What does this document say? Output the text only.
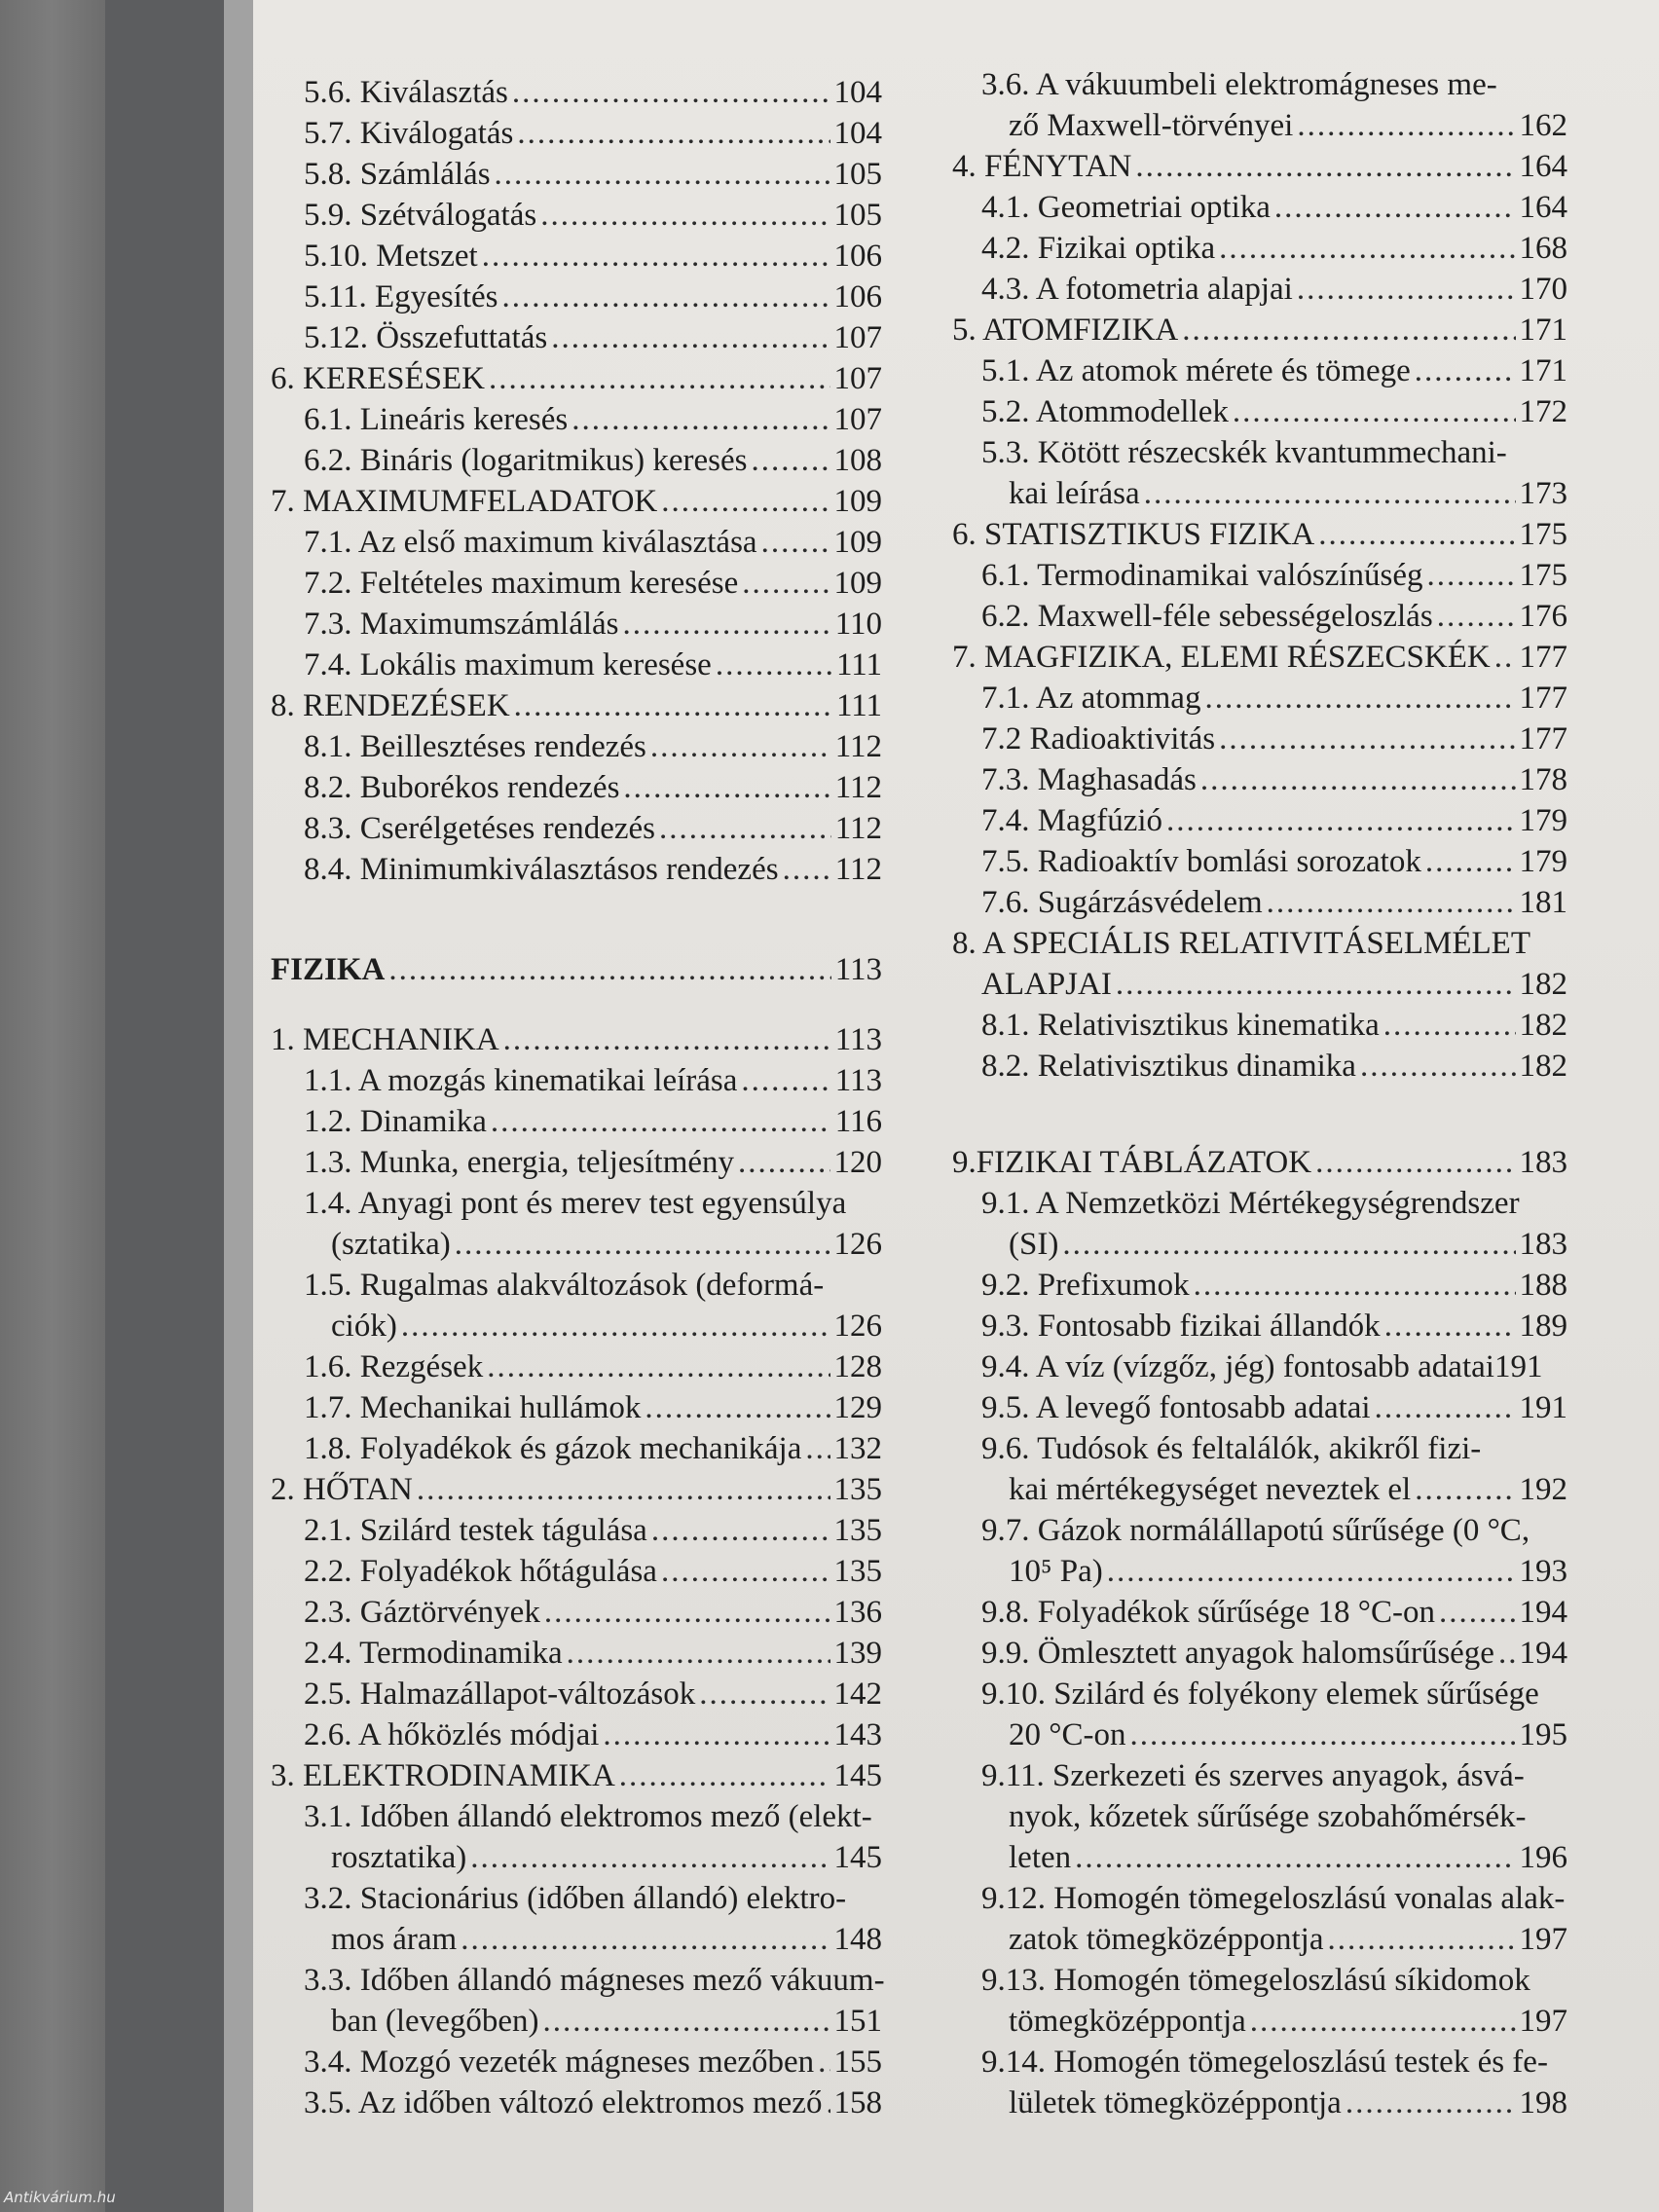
5.6. Kiválasztás .....	104
5.7. Kiválogatás .....	104
5.8. Számlálás .....	105
5.9. Szétválogatás .....	105
5.10. Metszet .....	106
5.11. Egyesítés .....	106
5.12. Összefuttatás .....	107
6. KERESÉSEK .....	107
6.1. Lineáris keresés .....	107
6.2. Bináris (logaritmikus) keresés .....	108
7. MAXIMUMFELADATOK .....	109
7.1. Az első maximum kiválasztása ..... 109
7.2. Feltételes maximum keresése .....	109
7.3. Maximumszámlálás .....	110
7.4. Lokális maximum keresése .....	111
8. RENDEZÉSEK .....	111
8.1. Beillesztéses rendezés .....	112
8.2. Buborékos rendezés .....	112
8.3. Cserélgetéses rendezés .....	112
8.4. Minimumkiválasztásos rendezés ..... 112
FIZIKA .....	113
1. MECHANIKA .....	113
1.1. A mozgás kinematikai leírása .....	113
1.2. Dinamika .....	116
1.3. Munka, energia, teljesítmény .....	120
1.4. Anyagi pont és merev test egyensúlya
(sztatika) .....	126
1.5. Rugalmas alakváltozások (deformá-
ciók) .....	126
1.6. Rezgések .....	128
1.7. Mechanikai hullámok .....	129
1.8. Folyadékok és gázok mechanikája ..... 132
2. HŐTAN .....	135
2.1. Szilárd testek tágulása .....	135
2.2. Folyadékok hőtágulása .....	135
2.3. Gáztörvények .....	136
2.4. Termodinamika .....	139
2.5. Halmazállapot-változások .....	142
2.6. A hőközlés módjai .....	143
3. ELEKTRODINAMIKA .....	145
3.1. Időben állandó elektromos mező (elekt-
rosztatika) .....	145
3.2. Stacionárius (időben állandó) elektro-
mos áram .....	148
3.3. Időben állandó mágneses mező vákuum-
ban (levegőben) .....	151
3.4. Mozgó vezeték mágneses mezőben ..... 155
3.5. Az időben változó elektromos mező ..... 158
3.6. A vákuumbeli elektromágneses me-
ző Maxwell-törvényei .....	162
4. FÉNYTAN .....	164
4.1. Geometriai optika .....	164
4.2. Fizikai optika .....	168
4.3. A fotometria alapjai .....	170
5. ATOMFIZIKA .....	171
5.1. Az atomok mérete és tömege .....	171
5.2. Atommodellek .....	172
5.3. Kötött részecskék kvantummechani-
kai leírása .....	173
6. STATISZTIKUS FIZIKA .....	175
6.1. Termodinamikai valószínűség .....	175
6.2. Maxwell-féle sebességeloszlás .....	176
7. MAGFIZIKA, ELEMI RÉSZECSKÉK ..... 177
7.1. Az atommag .....	177
7.2 Radioaktivitás .....	177
7.3. Maghasadás .....	178
7.4. Magfúzió .....	179
7.5. Radioaktív bomlási sorozatok .....	179
7.6. Sugárzásvédelem .....	181
8. A SPECIÁLIS RELATIVITÁSELMÉLET
ALAPJAI .....	182
8.1. Relativisztikus kinematika .....	182
8.2. Relativisztikus dinamika .....	182
9.FIZIKAI TÁBLÁZATOK .....	183
9.1. A Nemzetközi Mértékegységrendszer
(SI) .....	183
9.2. Prefixumok .....	188
9.3. Fontosabb fizikai állandók .....	189
9.4. A víz (vízgőz, jég) fontosabb adatai 191
9.5. A levegő fontosabb adatai .....	191
9.6. Tudósok és feltalálók, akikről fizi-
kai mértékegységet neveztek el .....	192
9.7. Gázok normálállapotú sűrűsége (0 °C,
10⁵ Pa) .....	193
9.8. Folyadékok sűrűsége 18 °C-on .....	194
9.9. Ömlesztett anyagok halomsűrűsége ..... 194
9.10. Szilárd és folyékony elemek sűrűsége
20 °C-on .....	195
9.11. Szerkezeti és szerves anyagok, ásvá-
nyok, kőzetek sűrűsége szobahőmérsék-
leten .....	196
9.12. Homogén tömegeloszlású vonalas alak-
zatok tömegközéppontja .....	197
9.13. Homogén tömegeloszlású síkidomok
tömegközéppontja .....	197
9.14. Homogén tömegeloszlású testek és fe-
lületek tömegközéppontja .....	198
Antikvárium.hu
